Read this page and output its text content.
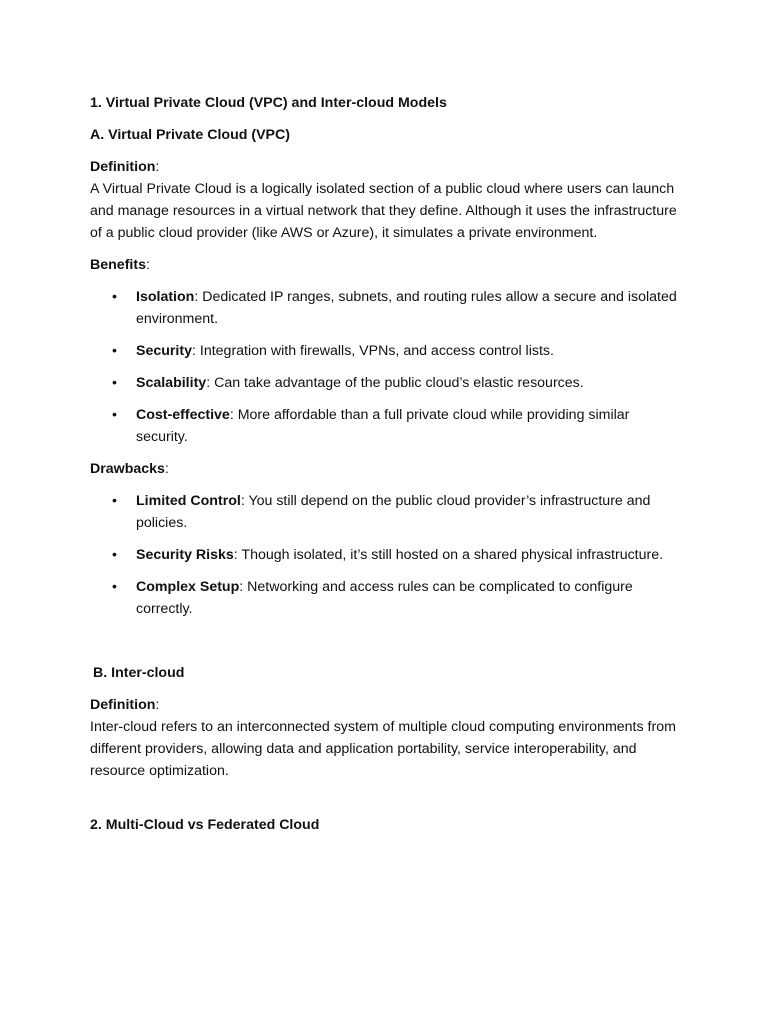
1. Virtual Private Cloud (VPC) and Inter-cloud Models

A. Virtual Private Cloud (VPC)

Definition:

A Virtual Private Cloud is a logically isolated section of a public cloud where users can launch and manage resources in a virtual network that they define. Although it uses the infrastructure of a public cloud provider (like AWS or Azure), it simulates a private environment.

Benefits:

• Isolation: Dedicated IP ranges, subnets, and routing rules allow a secure and isolated environment.
• Security: Integration with firewalls, VPNs, and access control lists.
• Scalability: Can take advantage of the public cloud’s elastic resources.
• Cost-effective: More affordable than a full private cloud while providing similar security.

Drawbacks:

• Limited Control: You still depend on the public cloud provider’s infrastructure and policies.
• Security Risks: Though isolated, it’s still hosted on a shared physical infrastructure.
• Complex Setup: Networking and access rules can be complicated to configure correctly.

B. Inter-cloud

Definition:

Inter-cloud refers to an interconnected system of multiple cloud computing environments from different providers, allowing data and application portability, service interoperability, and resource optimization.

2. Multi-Cloud vs Federated Cloud
